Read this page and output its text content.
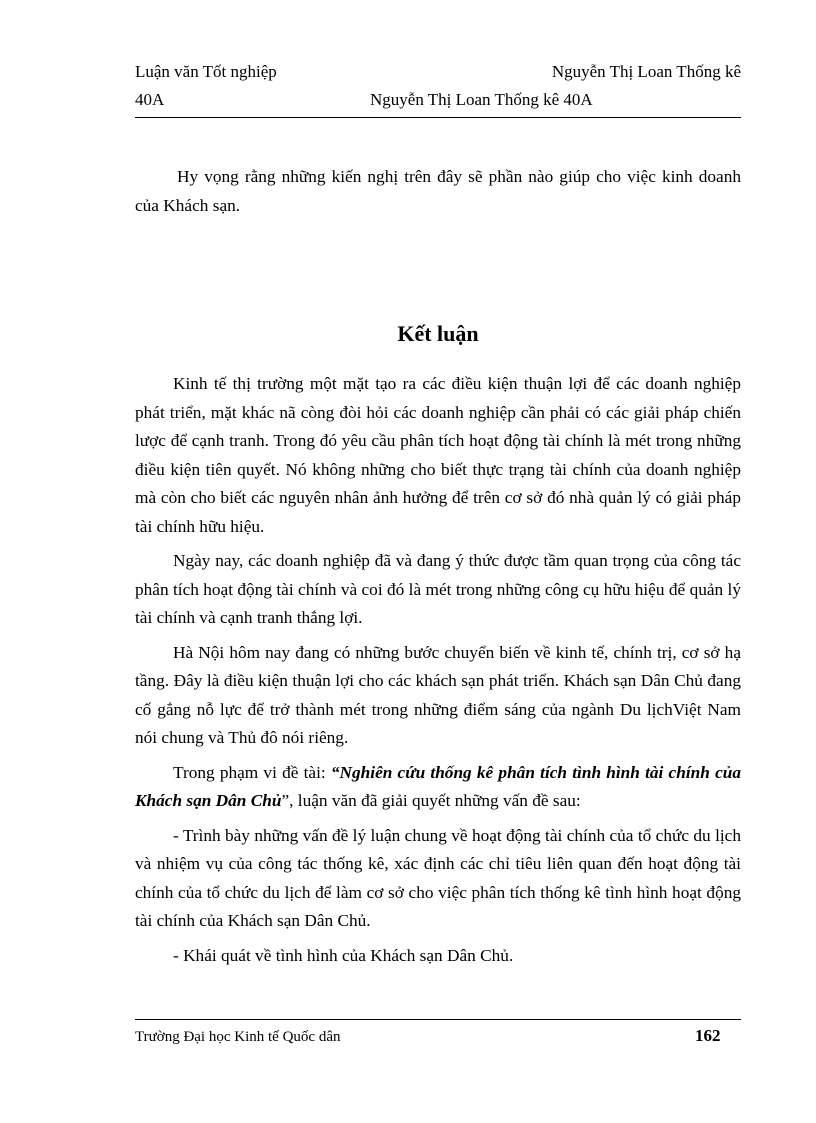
Luận văn Tốt nghiệp	Nguyễn Thị Loan Thống kê
40A	Nguyễn Thị Loan Thống kê 40A

Hy vọng rằng những kiến nghị trên đây sẽ phần nào giúp cho việc kinh doanh của Khách sạn.

Kết luận

Kinh tế thị trường một mặt tạo ra các điều kiện thuận lợi để các doanh nghiệp phát triển, mặt khác nã còng đòi hỏi các doanh nghiệp cần phải có các giải pháp chiến lược để cạnh tranh. Trong đó yêu cầu phân tích hoạt động tài chính là mét trong những điều kiện tiên quyết. Nó không những cho biết thực trạng tài chính của doanh nghiệp mà còn cho biết các nguyên nhân ảnh hưởng để trên cơ sở đó nhà quản lý có giải pháp tài chính hữu hiệu.

Ngày nay, các doanh nghiệp đã và đang ý thức được tầm quan trọng của công tác phân tích hoạt động tài chính và coi đó là mét trong những công cụ hữu hiệu để quản lý tài chính và cạnh tranh thắng lợi.

Hà Nội hôm nay đang có những bước chuyển biến về kinh tế, chính trị, cơ sở hạ tầng. Đây là điều kiện thuận lợi cho các khách sạn phát triển. Khách sạn Dân Chủ đang cố gắng nỗ lực để trở thành mét trong những điểm sáng của ngành Du lịchViệt Nam nói chung và Thủ đô nói riêng.

Trong phạm vi đề tài: “Nghiên cứu thống kê phân tích tình hình tài chính của Khách sạn Dân Chủ”, luận văn đã giải quyết những vấn đề sau:

- Trình bày những vấn đề lý luận chung về hoạt động tài chính của tổ chức du lịch và nhiệm vụ của công tác thống kê, xác định các chỉ tiêu liên quan đến hoạt động tài chính của tổ chức du lịch để làm cơ sở cho việc phân tích thống kê tình hình hoạt động tài chính của Khách sạn Dân Chủ.

- Khái quát về tình hình của Khách sạn Dân Chủ.

Trường Đại học Kinh tế Quốc dân	162
